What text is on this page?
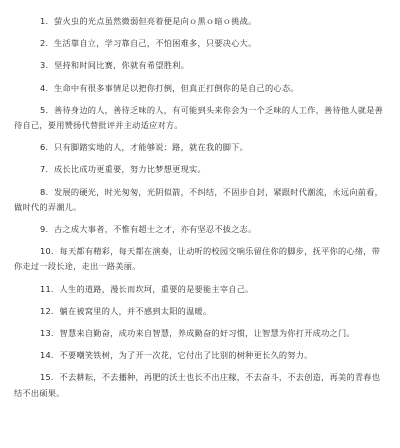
1. 萤火虫的光点虽然微弱但亮着便是向ｏ黑ｏ暗ｏ挑战。

2. 生活靠自立，学习靠自己，不怕困难多，只要决心大。

3. 坚持和时间比赛，你就有希望胜利。

4. 生命中有很多事情足以把你打倒，但真正打倒你的是自己的心态。

5. 善待身边的人，善待乏味的人，有可能到头来你会为一个乏味的人工作，善待他人就是善待自己，要用赞扬代替批评并主动适应对方。

6. 只有脚踏实地的人，才能够说：路，就在我的脚下。

7. 成长比成功更重要，努力比梦想更现实。

8. 发展的硬光，时光匆匆，光阴似箭，不纠结，不固步自封，紧跟时代潮流，永远向前看，做时代的弄潮儿。

9. 古之成大事者，不惟有超士之才，亦有坚忍不拔之志。

10. 每天都有精彩，每天都在演奏，让动听的校园交响乐留住你的脚步，抚平你的心绪，带你走过一段长途，走出一路美丽。

11. 人生的道路，漫长而坎坷，重要的是要能主宰自己。

12. 躺在被窝里的人，并不感到太阳的温暖。

13. 智慧来自勤奋，成功来自智慧，养成勤奋的好习惯，让智慧为你打开成功之门。

14. 不要嘲笑铁树，为了开一次花，它付出了比别的树种更长久的努力。

15. 不去耕耘，不去播种，再肥的沃土也长不出庄稼，不去奋斗，不去创造，再美的青春也结不出硕果。
